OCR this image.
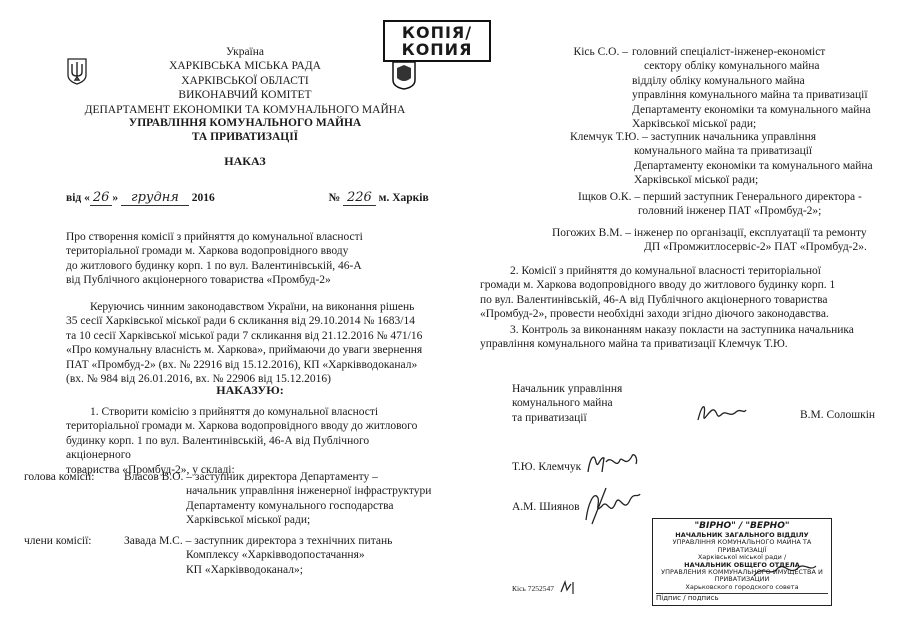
Україна
ХАРКІВСЬКА МІСЬКА РАДА
ХАРКІВСЬКОЇ ОБЛАСТІ
ВИКОНАВЧИЙ КОМІТЕТ
ДЕПАРТАМЕНТ ЕКОНОМІКИ ТА КОМУНАЛЬНОГО МАЙНА
УПРАВЛІННЯ КОМУНАЛЬНОГО МАЙНА
ТА ПРИВАТИЗАЦІЇ
НАКАЗ
від « 26 » грудня 2016	№ 226 м. Харків
Про створення комісії з прийняття до комунальної власності
територіальної громади м. Харкова водопровідного вводу
до житлового будинку корп. 1 по вул. Валентинівській, 46-А
від Публічного акціонерного товариства «Промбуд-2»
Керуючись чинним законодавством України, на виконання рішень
35 сесії Харківської міської ради 6 скликання від 29.10.2014 № 1683/14
та 10 сесії Харківської міської ради 7 скликання від 21.12.2016 № 471/16
«Про комунальну власність м. Харкова», приймаючи до уваги звернення
ПАТ «Промбуд-2» (вх. № 22916 від 15.12.2016), КП «Харківводоканал»
(вх. № 984 від 26.01.2016, вх. № 22906 від 15.12.2016)
НАКАЗУЮ:
1. Створити комісію з прийняття до комунальної власності
територіальної громади м. Харкова водопровідного вводу до житлового
будинку корп. 1 по вул. Валентинівській, 46-А від Публічного акціонерного
товариства «Промбуд-2», у складі:
голова комісії:	Власов В.О. – заступник директора Департаменту –
начальник управління інженерної інфраструктури
Департаменту комунального господарства
Харківської міської ради;
члени комісії:	Завада М.С. – заступник директора з технічних питань
Комплексу «Харківводопостачання»
КП «Харківводоканал»;
КОПІЯ/
КОПИЯ	Кісь С.О. – головний спеціаліст-інженер-економіст
сектору обліку комунального майна
відділу обліку комунального майна
управління комунального майна та приватизації
Департаменту економіки та комунального майна
Харківської міської ради;
Клемчук Т.Ю. – заступник начальника управління
комунального майна та приватизації
Департаменту економіки та комунального майна
Харківської міської ради;
Іщков О.К. – перший заступник Генерального директора -
головний інженер ПАТ «Промбуд-2»;
Погожих В.М. – інженер по організації, експлуатації та ремонту
ДП «Промжитлосервіс-2» ПАТ «Промбуд-2».
2. Комісії з прийняття до комунальної власності територіальної
громади м. Харкова водопровідного вводу до житлового будинку корп. 1
по вул. Валентинівській, 46-А від Публічного акціонерного товариства
«Промбуд-2», провести необхідні заходи згідно діючого законодавства.
3. Контроль за виконанням наказу покласти на заступника начальника
управління комунального майна та приватизації Клемчук Т.Ю.
Начальник управління
комунального майна
та приватизації	В.М. Солошкін
Т.Ю. Клемчук
А.М. Шиянов
"ВІРНО" / "ВЕРНО"
НАЧАЛЬНИК ЗАГАЛЬНОГО ВІДДІЛУ
УПРАВЛІННЯ КОМУНАЛЬНОГО МАЙНА ТА ПРИВАТИЗАЦІЇ
Харківської міської ради /
НАЧАЛЬНИК ОБЩЕГО ОТДЕЛА
УПРАВЛЕНИЯ КОММУНАЛЬНОГО ИМУЩЕСТВА И ПРИВАТИЗАЦИИ
Харьковского городского совета
Підпис / подпись
Кісь 7252547
